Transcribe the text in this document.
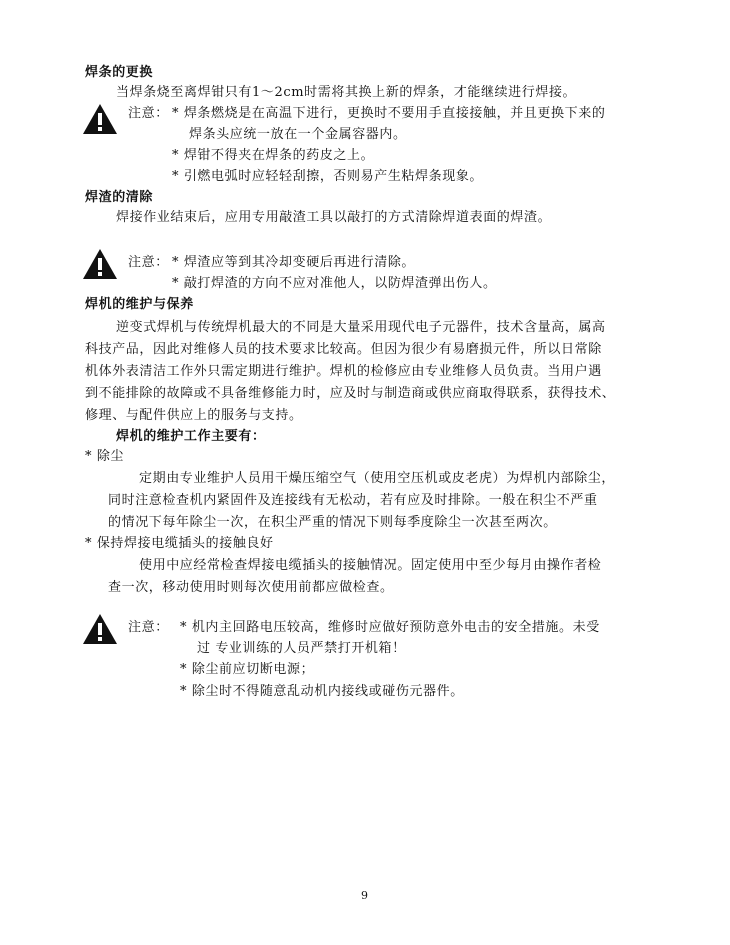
焊条的更换
当焊条烧至离焊钳只有1～2cm时需将其换上新的焊条，才能继续进行焊接。
注意： * 焊条燃烧是在高温下进行，更换时不要用手直接接触，并且更换下来的
焊条头应统一放在一个金属容器内。
* 焊钳不得夹在焊条的药皮之上。
* 引燃电弧时应轻轻刮擦，否则易产生粘焊条现象。
焊渣的清除
焊接作业结束后，应用专用敲渣工具以敲打的方式清除焊道表面的焊渣。
注意： * 焊渣应等到其冷却变硬后再进行清除。
* 敲打焊渣的方向不应对准他人，以防焊渣弹出伤人。
焊机的维护与保养
逆变式焊机与传统焊机最大的不同是大量采用现代电子元器件，技术含量高，属高
科技产品，因此对维修人员的技术要求比较高。但因为很少有易磨损元件，所以日常除
机体外表清洁工作外只需定期进行维护。焊机的检修应由专业维修人员负责。当用户遇
到不能排除的故障或不具备维修能力时，应及时与制造商或供应商取得联系，获得技术、
修理、与配件供应上的服务与支持。
焊机的维护工作主要有：
* 除尘
定期由专业维护人员用干燥压缩空气（使用空压机或皮老虎）为焊机内部除尘，
同时注意检查机内紧固件及连接线有无松动，若有应及时排除。一般在积尘不严重
的情况下每年除尘一次，在积尘严重的情况下则每季度除尘一次甚至两次。
* 保持焊接电缆插头的接触良好
使用中应经常检查焊接电缆插头的接触情况。固定使用中至少每月由操作者检
查一次，移动使用时则每次使用前都应做检查。
注意： * 机内主回路电压较高，维修时应做好预防意外电击的安全措施。未受
过 专业训练的人员严禁打开机箱！
* 除尘前应切断电源；
* 除尘时不得随意乱动机内接线或碰伤元器件。
9
